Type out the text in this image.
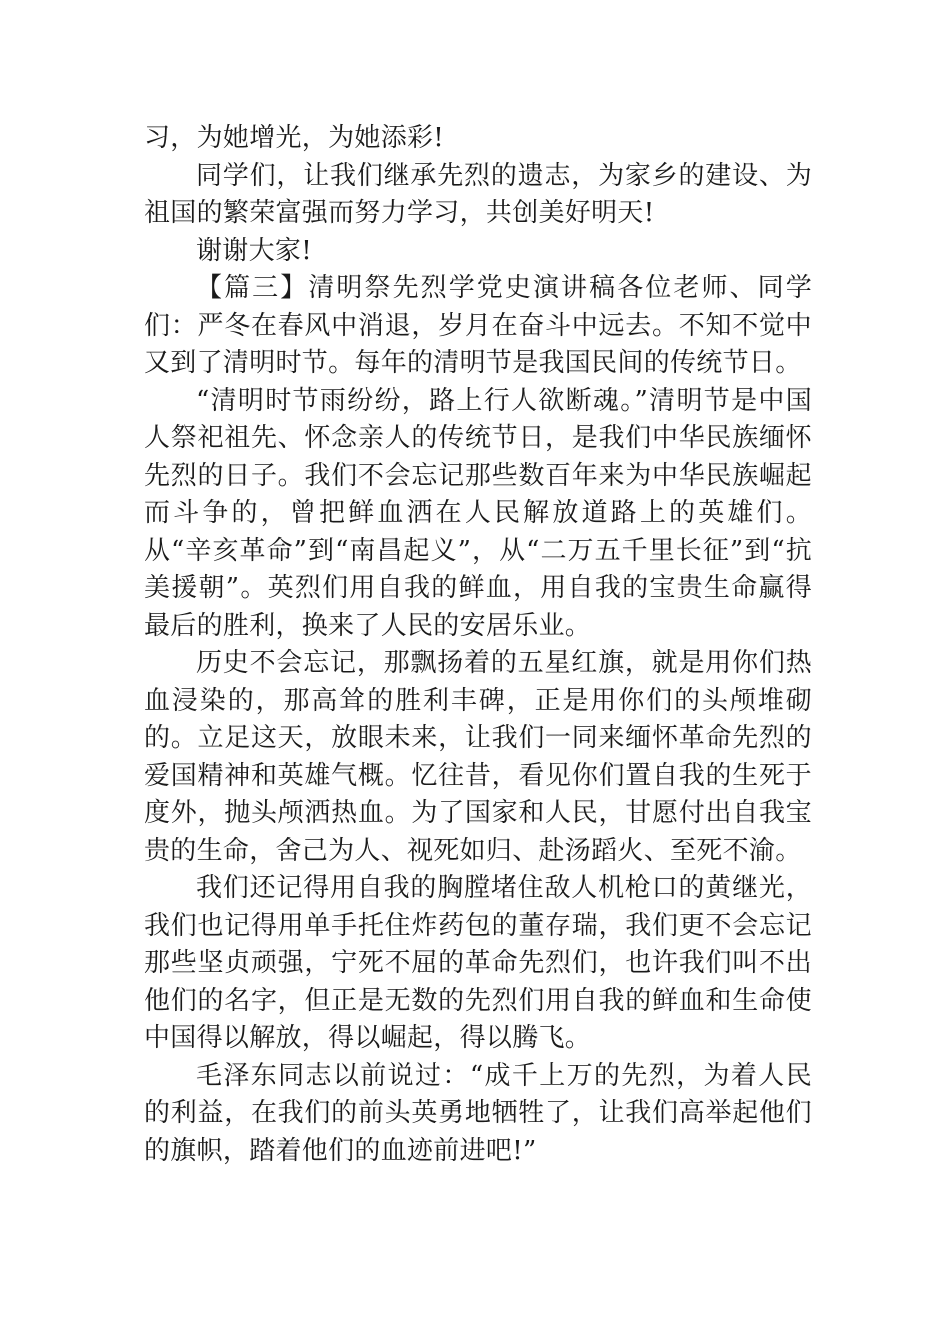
习，为她增光，为她添彩!

同学们，让我们继承先烈的遗志，为家乡的建设、为祖国的繁荣富强而努力学习，共创美好明天!

谢谢大家!

【篇三】清明祭先烈学党史演讲稿各位老师、同学们：严冬在春风中消退，岁月在奋斗中远去。不知不觉中又到了清明时节。每年的清明节是我国民间的传统节日。

“清明时节雨纷纷，路上行人欲断魂。”清明节是中国人祭祀祖先、怀念亲人的传统节日，是我们中华民族缅怀先烈的日子。我们不会忘记那些数百年来为中华民族崛起而斗争的，曾把鲜血洒在人民解放道路上的英雄们。从“辛亥革命”到“南昌起义”，从“二万五千里长征”到“抗美援朝”。英烈们用自我的鲜血，用自我的宝贵生命赢得最后的胜利，换来了人民的安居乐业。

历史不会忘记，那飘扬着的五星红旗，就是用你们热血浸染的，那高耸的胜利丰碑，正是用你们的头颅堆砌的。立足这天，放眼未来，让我们一同来缅怀革命先烈的爱国精神和英雄气概。忆往昔，看见你们置自我的生死于度外，抛头颅洒热血。为了国家和人民，甘愿付出自我宝贵的生命，舍己为人、视死如归、赴汤蹈火、至死不渝。

我们还记得用自我的胸膛堵住敌人机枪口的黄继光，我们也记得用单手托住炸药包的董存瑞，我们更不会忘记那些坚贞顽强，宁死不屈的革命先烈们，也许我们叫不出他们的名字，但正是无数的先烈们用自我的鲜血和生命使中国得以解放，得以崛起，得以腾飞。

毛泽东同志以前说过：“成千上万的先烈，为着人民的利益，在我们的前头英勇地牺牲了，让我们高举起他们的旗帜，踏着他们的血迹前进吧!”
